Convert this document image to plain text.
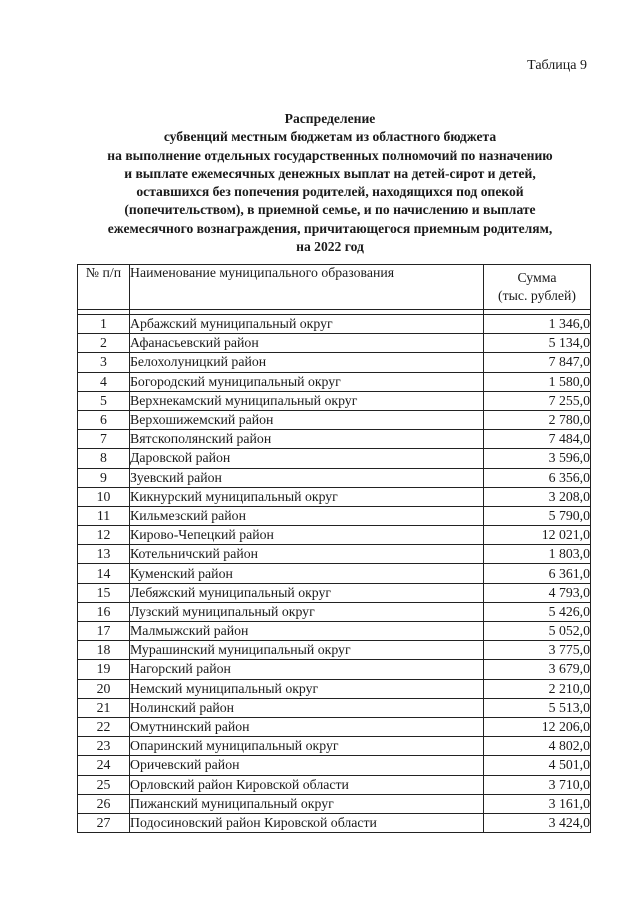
Таблица 9
Распределение
субвенций местным бюджетам из областного бюджета
на выполнение отдельных государственных полномочий по назначению
и выплате ежемесячных денежных выплат на детей-сирот и детей,
оставшихся без попечения родителей, находящихся под опекой
(попечительством), в приемной семье, и по начислению и выплате
ежемесячного вознаграждения, причитающегося приемным родителям,
на 2022 год
№ п/п	Наименование муниципального образования	Сумма
(тыс. рублей)

1	Арбажский муниципальный округ	1 346,0
2	Афанасьевский район	5 134,0
3	Белохолуницкий район	7 847,0
4	Богородский муниципальный округ	1 580,0
5	Верхнекамский муниципальный округ	7 255,0
6	Верхошижемский район	2 780,0
7	Вятскополянский район	7 484,0
8	Даровской район	3 596,0
9	Зуевский район	6 356,0
10	Кикнурский муниципальный округ	3 208,0
11	Кильмезский район	5 790,0
12	Кирово-Чепецкий район	12 021,0
13	Котельничский район	1 803,0
14	Куменский район	6 361,0
15	Лебяжский муниципальный округ	4 793,0
16	Лузский муниципальный округ	5 426,0
17	Малмыжский район	5 052,0
18	Мурашинский муниципальный округ	3 775,0
19	Нагорский район	3 679,0
20	Немский муниципальный округ	2 210,0
21	Нолинский район	5 513,0
22	Омутнинский район	12 206,0
23	Опаринский муниципальный округ	4 802,0
24	Оричевский район	4 501,0
25	Орловский район Кировской области	3 710,0
26	Пижанский муниципальный округ	3 161,0
27	Подосиновский район Кировской области	3 424,0
